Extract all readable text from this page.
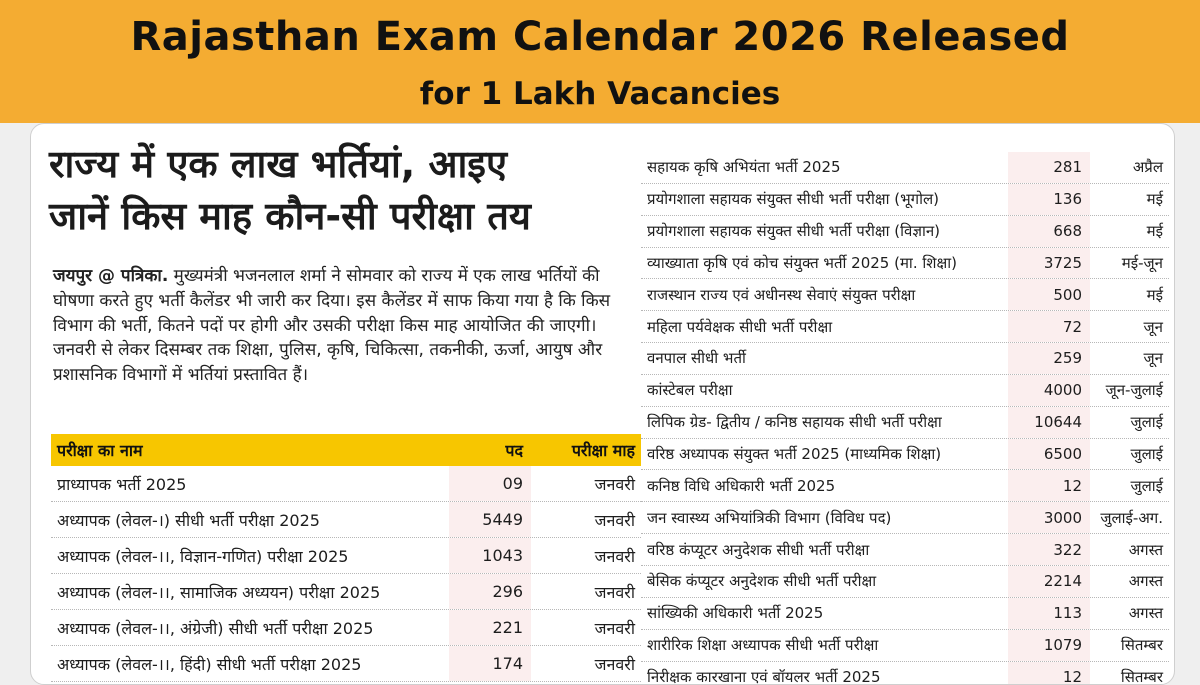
Rajasthan Exam Calendar 2026 Released
for 1 Lakh Vacancies
राज्य में एक लाख भर्तियां, आइए
जानें किस माह कौन-सी परीक्षा तय
जयपुर @ पत्रिका. मुख्यमंत्री भजनलाल शर्मा ने सोमवार को राज्य में एक लाख भर्तियों की घोषणा करते हुए भर्ती कैलेंडर भी जारी कर दिया। इस कैलेंडर में साफ किया गया है कि किस विभाग की भर्ती, कितने पदों पर होगी और उसकी परीक्षा किस माह आयोजित की जाएगी। जनवरी से लेकर दिसम्बर तक शिक्षा, पुलिस, कृषि, चिकित्सा, तकनीकी, ऊर्जा, आयुष और प्रशासनिक विभागों में भर्तियां प्रस्तावित हैं।
परीक्षा का नाम	पद	परीक्षा माह
प्राध्यापक भर्ती 2025	09	जनवरी
अध्यापक (लेवल-।) सीधी भर्ती परीक्षा 2025	5449	जनवरी
अध्यापक (लेवल-।।, विज्ञान-गणित) परीक्षा 2025	1043	जनवरी
अध्यापक (लेवल-।।, सामाजिक अध्ययन) परीक्षा 2025	296	जनवरी
अध्यापक (लेवल-।।, अंग्रेजी) सीधी भर्ती परीक्षा 2025	221	जनवरी
अध्यापक (लेवल-।।, हिंदी) सीधी भर्ती परीक्षा 2025	174	जनवरी
सहायक कृषि अभियंता भर्ती 2025	281	अप्रैल
प्रयोगशाला सहायक संयुक्त सीधी भर्ती परीक्षा (भूगोल)	136	मई
प्रयोगशाला सहायक संयुक्त सीधी भर्ती परीक्षा (विज्ञान)	668	मई
व्याख्याता कृषि एवं कोच संयुक्त भर्ती 2025 (मा. शिक्षा)	3725	मई-जून
राजस्थान राज्य एवं अधीनस्थ सेवाएं संयुक्त परीक्षा	500	मई
महिला पर्यवेक्षक सीधी भर्ती परीक्षा	72	जून
वनपाल सीधी भर्ती	259	जून
कांस्टेबल परीक्षा	4000	जून-जुलाई
लिपिक ग्रेड- द्वितीय / कनिष्ठ सहायक सीधी भर्ती परीक्षा	10644	जुलाई
वरिष्ठ अध्यापक संयुक्त भर्ती 2025 (माध्यमिक शिक्षा)	6500	जुलाई
कनिष्ठ विधि अधिकारी भर्ती 2025	12	जुलाई
जन स्वास्थ्य अभियांत्रिकी विभाग (विविध पद)	3000	जुलाई-अग.
वरिष्ठ कंप्यूटर अनुदेशक सीधी भर्ती परीक्षा	322	अगस्त
बेसिक कंप्यूटर अनुदेशक सीधी भर्ती परीक्षा	2214	अगस्त
सांख्यिकी अधिकारी भर्ती 2025	113	अगस्त
शारीरिक शिक्षा अध्यापक सीधी भर्ती परीक्षा	1079	सितम्बर
निरीक्षक कारखाना एवं बॉयलर भर्ती 2025	12	सितम्बर
